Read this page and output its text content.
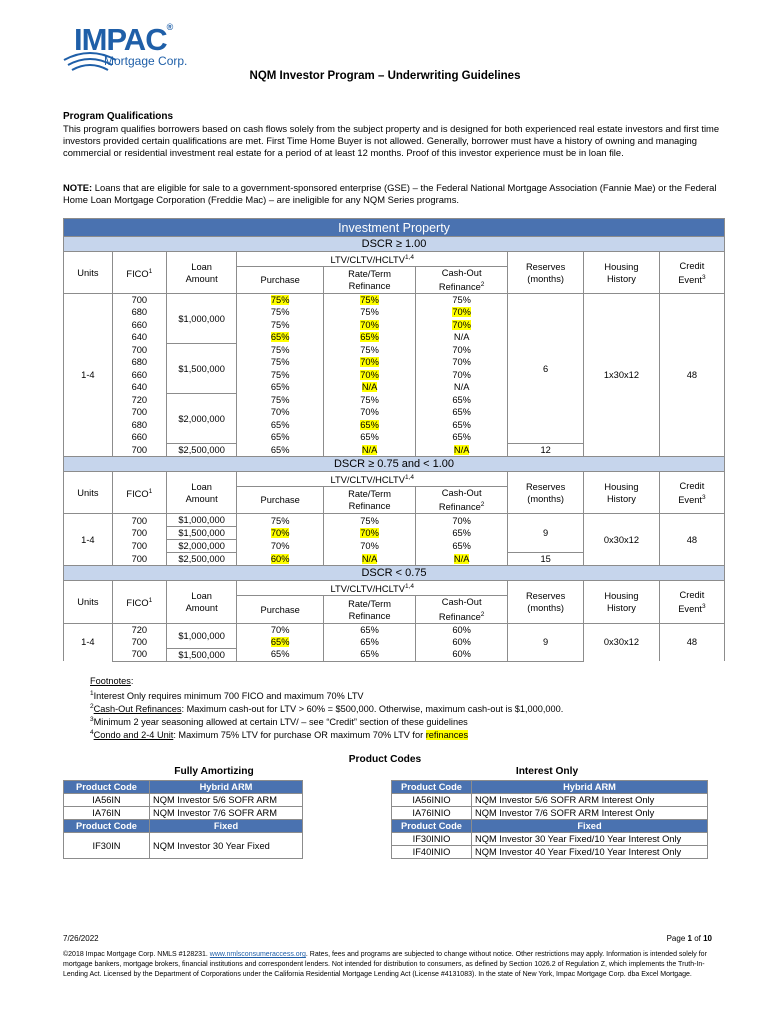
IMPAC®
Mortgage Corp.
NQM Investor Program – Underwriting Guidelines
Program Qualifications
This program qualifies borrowers based on cash flows solely from the subject property and is designed for both experienced real estate investors and first time investors provided certain qualifications are met. First Time Home Buyer is not allowed. Generally, borrower must have a history of owning and managing commercial or residential investment real estate for a period of at least 12 months. Proof of this investor experience must be in loan file.
NOTE: Loans that are eligible for sale to a government-sponsored enterprise (GSE) – the Federal National Mortgage Association (Fannie Mae) or the Federal Home Loan Mortgage Corporation (Freddie Mac) – are ineligible for any NQM Series programs.
Investment Property								
DSCR ≥ 1.00								
Units	FICO$^1$	Loan Amount	LTV/CLTV/HCLTV$^{1,4}$			Reserves (months)	Housing History	Credit Event$^3$
			Purchase	Rate/Term Refinance	Cash-Out Refinance$^2$
1-4	700	$1,000,000	75%	75%	75%	6	1x30x12	48
	680		75%	75%	70%			
	660		75%	70%	70%			
	640		65%	65%	N/A			
	700	$1,500,000	75%	75%	70%			
	680		75%	70%	70%			
	660		75%	70%	70%			
	640		65%	N/A	N/A			
	720	$2,000,000	75%	75%	65%			
	700		70%	70%	65%			
	680		65%	65%	65%			
	660		65%	65%	65%			
	700	$2,500,000	65%	N/A	N/A	12		
DSCR ≥ 0.75 and < 1.00								
Units	FICO$^1$	Loan Amount	LTV/CLTV/HCLTV$^{1,4}$			Reserves (months)	Housing History	Credit Event$^3$
			Purchase	Rate/Term Refinance	Cash-Out Refinance$^2$
1-4	700	$1,000,000	75%	75%	70%	9	0x30x12	48
	700	$1,500,000	70%	70%	65%			
	700	$2,000,000	70%	70%	65%			
	700	$2,500,000	60%	N/A	N/A	15		
DSCR < 0.75								
Units	FICO$^1$	Loan Amount	LTV/CLTV/HCLTV$^{1,4}$			Reserves (months)	Housing History	Credit Event$^3$
			Purchase	Rate/Term Refinance	Cash-Out Refinance$^2$
1-4	720	$1,000,000	70%	65%	60%	9	0x30x12	48
	700		65%	65%	60%			
	700	$1,500,000	65%	65%	60%			
Footnotes:
$^1$Interest Only requires minimum 700 FICO and maximum 70% LTV
$^2$Cash-Out Refinances: Maximum cash-out for LTV > 60% = $500,000. Otherwise, maximum cash-out is $1,000,000.
$^3$Minimum 2 year seasoning allowed at certain LTV/ – see “Credit” section of these guidelines
$^4$Condo and 2-4 Unit: Maximum 75% LTV for purchase OR maximum 70% LTV for refinances
Product Codes
Fully Amortizing	Interest Only
Product Code	Hybrid ARM
IA56IN	NQM Investor 5/6 SOFR ARM
IA76IN	NQM Investor 7/6 SOFR ARM
Product Code	Fixed
IF30IN	NQM Investor 30 Year Fixed
Product Code	Hybrid ARM
IA56INIO	NQM Investor 5/6 SOFR ARM Interest Only
IA76INIO	NQM Investor 7/6 SOFR ARM Interest Only
Product Code	Fixed
IF30INIO	NQM Investor 30 Year Fixed/10 Year Interest Only
IF40INIO	NQM Investor 40 Year Fixed/10 Year Interest Only
7/26/2022	Page 1 of 10
©2018 Impac Mortgage Corp. NMLS #128231. www.nmlsconsumeraccess.org. Rates, fees and programs are subjected to change without notice. Other restrictions may apply. Information is intended solely for mortgage bankers, mortgage brokers, financial institutions and correspondent lenders. Not intended for distribution to consumers, as defined by Section 1026.2 of Regulation Z, which implements the Truth-In-Lending Act. Licensed by the Department of Corporations under the California Residential Mortgage Lending Act (License #4131083). In the state of New York, Impac Mortgage Corp. dba Excel Mortgage.
